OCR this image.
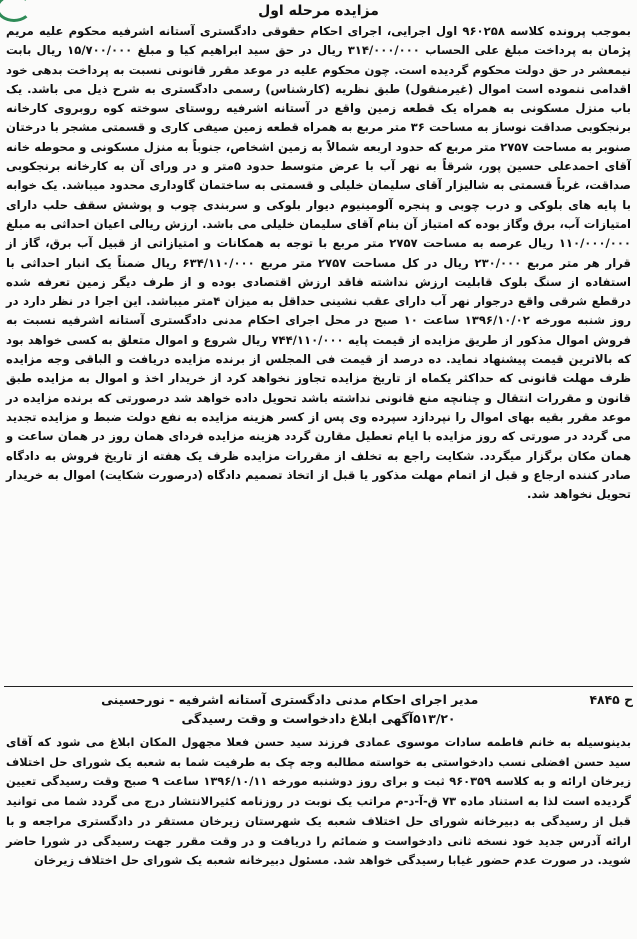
مزایده مرحله اول

بموجب پرونده کلاسه ۹۶۰۲۵۸ اول اجرایی، اجرای احکام حقوقی دادگستری آستانه اشرفیه محکوم علیه مریم پژمان به پرداخت مبلغ علی الحساب ۳۱۴/۰۰۰/۰۰۰ ریال در حق سید ابراهیم کیا و مبلغ ۱۵/۷۰۰/۰۰۰ ریال بابت نیمعشر در حق دولت محکوم گردیده است. چون محکوم علیه در موعد مقرر قانونی نسبت به پرداخت بدهی خود اقدامی ننموده است اموال (غیرمنقول) طبق نظریه (کارشناس) رسمی دادگستری به شرح ذیل می باشد. یک باب منزل مسکونی به همراه یک قطعه زمین واقع در آستانه اشرفیه روستای سوخته کوه روبروی کارخانه برنجکوبی صداقت نوساز به مساحت ۳۶ متر مربع به همراه قطعه زمین صیفی کاری و قسمتی مشجر با درختان صنوبر به مساحت ۲۷۵۷ متر مربع که حدود اربعه شمالاً به زمین اشخاص، جنوباً به منزل مسکونی و محوطه خانه آقای احمدعلی حسین پور، شرقاً به نهر آب با عرض متوسط حدود ۵متر و در ورای آن به کارخانه برنجکوبی صداقت، غرباً قسمتی به شالیزار آقای سلیمان خلیلی و قسمتی به ساختمان گاوداری محدود میباشد. یک خوابه با پایه های بلوکی و درب چوبی و پنجره آلومینیوم دیوار بلوکی و سربندی چوب و پوشش سقف حلب دارای امتیازات آب، برق وگاز بوده که امتیاز آن بنام آقای سلیمان خلیلی می باشد. ارزش ریالی اعیان احداثی به مبلغ ۱۱۰/۰۰۰/۰۰۰ ریال عرصه به مساحت ۲۷۵۷ متر مربع با توجه به همکانات و امتیازاتی از قبیل آب برق، گاز از قرار هر متر مربع ۲۳۰/۰۰۰ ریال در کل مساحت ۲۷۵۷ متر مربع ۶۳۴/۱۱۰/۰۰۰ ریال ضمناً یک انبار احداثی با استفاده از سنگ بلوک قابلیت ارزش نداشته فاقد ارزش اقتصادی بوده و از طرف دیگر زمین تعرفه شده درقطع شرقی واقع درجوار نهر آب دارای عقب نشینی حداقل به میزان ۴متر میباشد. این اجرا در نظر دارد در روز شنبه مورخه ۱۳۹۶/۱۰/۰۲ ساعت ۱۰ صبح در محل اجرای احکام مدنی دادگستری آستانه اشرفیه نسبت به فروش اموال مذکور از طریق مزایده از قیمت پایه ۷۴۴/۱۱۰/۰۰۰ ریال شروع و اموال متعلق به کسی خواهد بود که بالاترین قیمت پیشنهاد نماید. ده درصد از قیمت فی المجلس از برنده مزایده دریافت و الباقی وجه مزایده ظرف مهلت قانونی که حداکثر یکماه از تاریخ مزایده تجاوز نخواهد کرد از خریدار اخذ و اموال به مزایده طبق قانون و مقررات انتقال و چنانچه منع قانونی نداشته باشد تحویل داده خواهد شد درصورتی که برنده مزایده در موعد مقرر بقیه بهای اموال را نپردازد سپرده وی پس از کسر هزینه مزایده به نفع دولت ضبط و مزایده تجدید می گردد در صورتی که روز مزایده با ایام تعطیل مقارن گردد هزینه مزایده فردای همان روز در همان ساعت و همان مکان برگزار میگردد. شکایت راجع به تخلف از مقررات مزایده ظرف یک هفته از تاریخ فروش به دادگاه صادر کننده ارجاع و قبل از اتمام مهلت مذکور یا قبل از اتخاذ تصمیم دادگاه (درصورت شکایت) اموال به خریدار تحویل نخواهد شد.

ح ۴۸۴۵
مدیر اجرای احکام مدنی دادگستری آستانه اشرفیه - نورحسینی
۵۱۳/۲۰آگهی ابلاغ دادخواست و وقت رسیدگی

بدینوسیله به خانم فاطمه سادات موسوی عمادی فرزند سید حسن فعلا مجهول المکان ابلاغ می شود که آقای سید حسن افضلی نسب دادخواستی به خواسته مطالبه وجه چک به طرفیت شما به شعبه یک شورای حل اختلاف زیرخان ارائه و به کلاسه ۹۶۰۳۵۹ ثبت و برای روز دوشنبه مورخه ۱۳۹۶/۱۰/۱۱ ساعت ۹ صبح وقت رسیدگی تعیین گردیده است لذا به استناد ماده ۷۳ ق-آ-د-م مراتب یک نوبت در روزنامه کثیرالانتشار درج می گردد شما می توانید قبل از رسیدگی به دبیرخانه شورای حل اختلاف شعبه یک شهرستان زیرخان مستقر در دادگستری مراجعه و با ارائه آدرس جدید خود نسخه ثانی دادخواست و ضمائم را دریافت و در وقت مقرر جهت رسیدگی در شورا حاضر شوید. در صورت عدم حضور غیابا رسیدگی خواهد شد. مسئول دبیرخانه شعبه یک شورای حل اختلاف زیرخان
